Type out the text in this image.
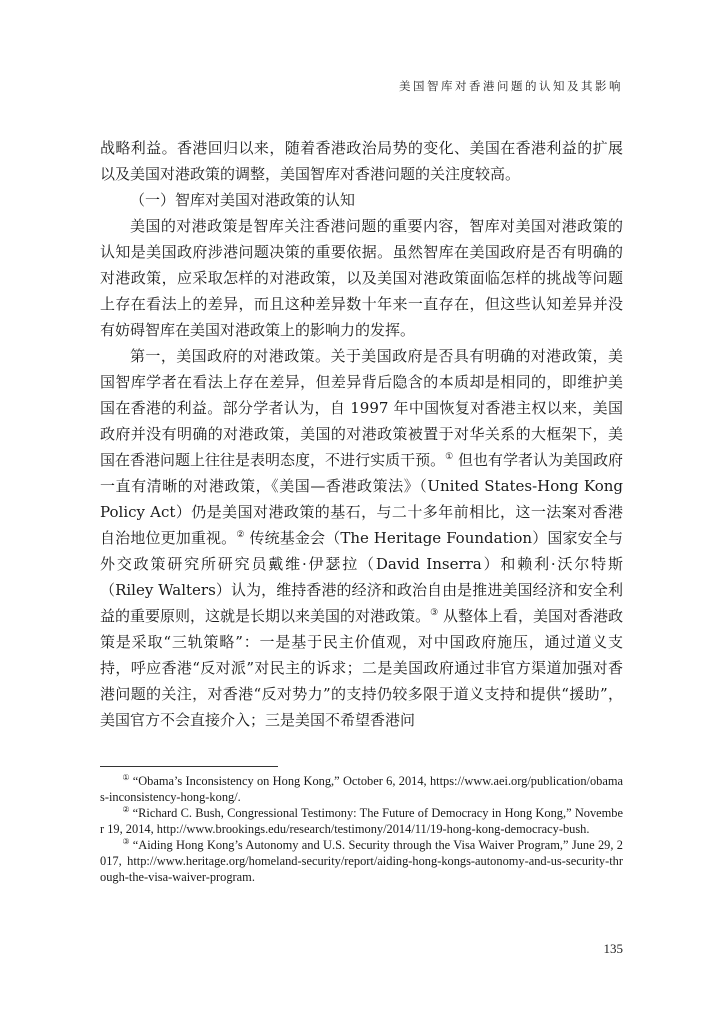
美国智库对香港问题的认知及其影响

战略利益。香港回归以来，随着香港政治局势的变化、美国在香港利益的扩展以及美国对港政策的调整，美国智库对香港问题的关注度较高。

（一）智库对美国对港政策的认知

美国的对港政策是智库关注香港问题的重要内容，智库对美国对港政策的认知是美国政府涉港问题决策的重要依据。虽然智库在美国政府是否有明确的对港政策，应采取怎样的对港政策，以及美国对港政策面临怎样的挑战等问题上存在看法上的差异，而且这种差异数十年来一直存在，但这些认知差异并没有妨碍智库在美国对港政策上的影响力的发挥。

第一，美国政府的对港政策。关于美国政府是否具有明确的对港政策，美国智库学者在看法上存在差异，但差异背后隐含的本质却是相同的，即维护美国在香港的利益。部分学者认为，自 1997 年中国恢复对香港主权以来，美国政府并没有明确的对港政策，美国的对港政策被置于对华关系的大框架下，美国在香港问题上往往是表明态度，不进行实质干预。① 但也有学者认为美国政府一直有清晰的对港政策，《美国—香港政策法》（United States-Hong Kong Policy Act）仍是美国对港政策的基石，与二十多年前相比，这一法案对香港自治地位更加重视。② 传统基金会（The Heritage Foundation）国家安全与外交政策研究所研究员戴维·伊瑟拉（David Inserra）和赖利·沃尔特斯（Riley Walters）认为，维持香港的经济和政治自由是推进美国经济和安全利益的重要原则，这就是长期以来美国的对港政策。③ 从整体上看，美国对香港政策是采取“三轨策略”：一是基于民主价值观，对中国政府施压，通过道义支持，呼应香港“反对派”对民主的诉求；二是美国政府通过非官方渠道加强对香港问题的关注，对香港“反对势力”的支持仍较多限于道义支持和提供“援助”，美国官方不会直接介入；三是美国不希望香港问

① “Obama’s Inconsistency on Hong Kong,” October 6, 2014, https://www.aei.org/publication/obamas-inconsistency-hong-kong/.

② “Richard C. Bush, Congressional Testimony: The Future of Democracy in Hong Kong,” November 19, 2014, http://www.brookings.edu/research/testimony/2014/11/19-hong-kong-democracy-bush.

③ “Aiding Hong Kong’s Autonomy and U.S. Security through the Visa Waiver Program,” June 29, 2017, http://www.heritage.org/homeland-security/report/aiding-hong-kongs-autonomy-and-us-security-through-the-visa-waiver-program.

135
